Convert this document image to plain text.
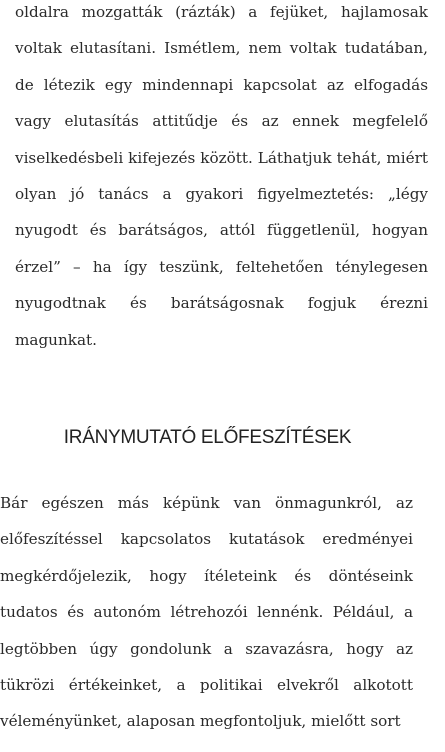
oldalra mozgatták (rázták) a fejüket, hajlamosak voltak elutasítani. Ismétlem, nem voltak tudatában, de létezik egy mindennapi kapcsolat az elfogadás vagy elutasítás attitűdje és az ennek megfelelő viselkedésbeli kifejezés között. Láthatjuk tehát, miért olyan jó tanács a gyakori figyelmeztetés: „légy nyugodt és barátságos, attól függetlenül, hogyan érzel” – ha így teszünk, feltehetően ténylegesen nyugodtnak és barátságosnak fogjuk érezni magunkat.

IRÁNYMUTATÓ ELŐFESZÍTÉSEK

Bár egészen más képünk van önmagunkról, az előfeszítéssel kapcsolatos kutatások eredményei megkérdőjelezik, hogy ítéleteink és döntéseink tudatos és autonóm létrehozói lennénk. Például, a legtöbben úgy gondolunk a szavazásra, hogy az tükrözi értékeinket, a politikai elvekről alkotott véleményünket, alaposan megfontoljuk, mielőtt sort
